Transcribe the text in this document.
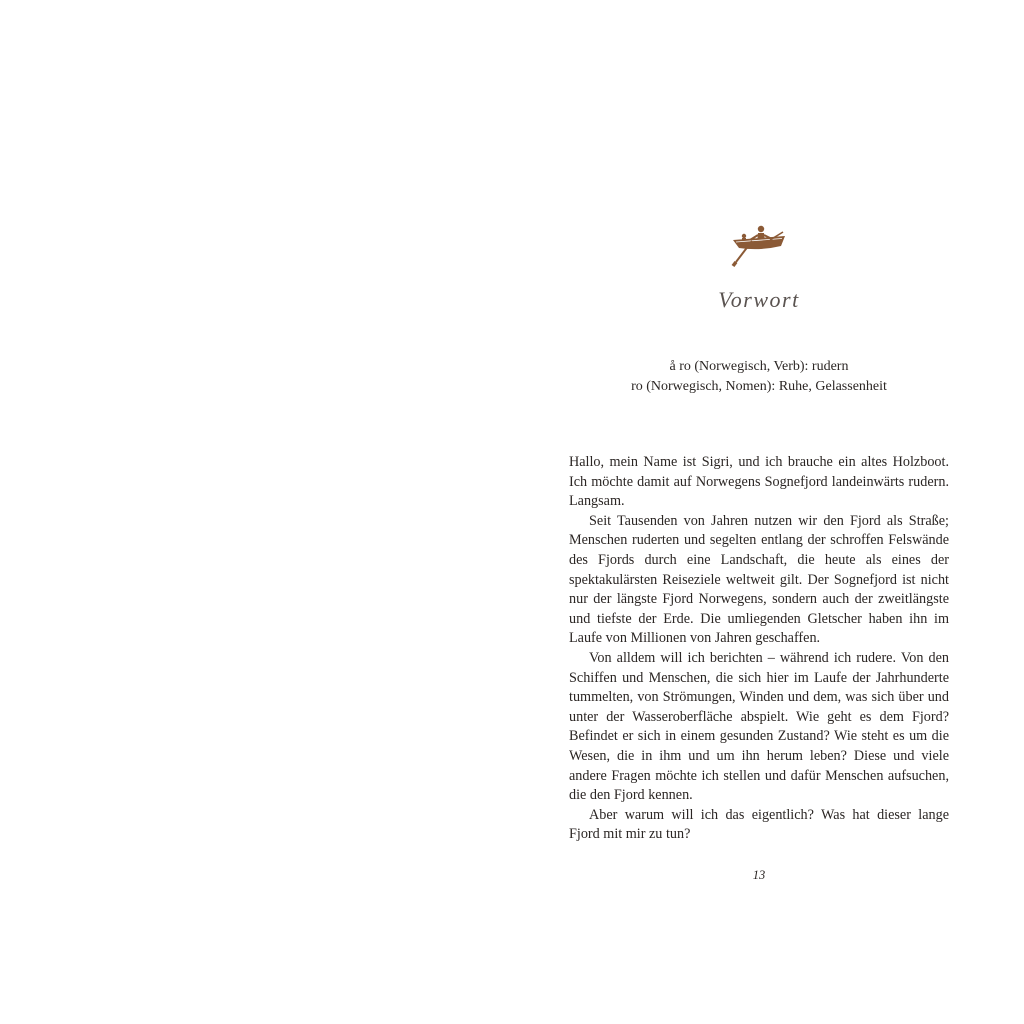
Vorwort
å ro (Norwegisch, Verb): rudern
ro (Norwegisch, Nomen): Ruhe, Gelassenheit

Hallo, mein Name ist Sigri, und ich brauche ein altes Holzboot. Ich möchte damit auf Norwegens Sognefjord landeinwärts rudern. Langsam.

Seit Tausenden von Jahren nutzen wir den Fjord als Straße; Menschen ruderten und segelten entlang der schroffen Felswände des Fjords durch eine Landschaft, die heute als eines der spektakulärsten Reiseziele weltweit gilt. Der Sognefjord ist nicht nur der längste Fjord Norwegens, sondern auch der zweitlängste und tiefste der Erde. Die umliegenden Gletscher haben ihn im Laufe von Millionen von Jahren geschaffen.

Von alldem will ich berichten – während ich rudere. Von den Schiffen und Menschen, die sich hier im Laufe der Jahrhunderte tummelten, von Strömungen, Winden und dem, was sich über und unter der Wasseroberfläche abspielt. Wie geht es dem Fjord? Befindet er sich in einem gesunden Zustand? Wie steht es um die Wesen, die in ihm und um ihn herum leben? Diese und viele andere Fragen möchte ich stellen und dafür Menschen aufsuchen, die den Fjord kennen.

Aber warum will ich das eigentlich? Was hat dieser lange Fjord mit mir zu tun?

13
